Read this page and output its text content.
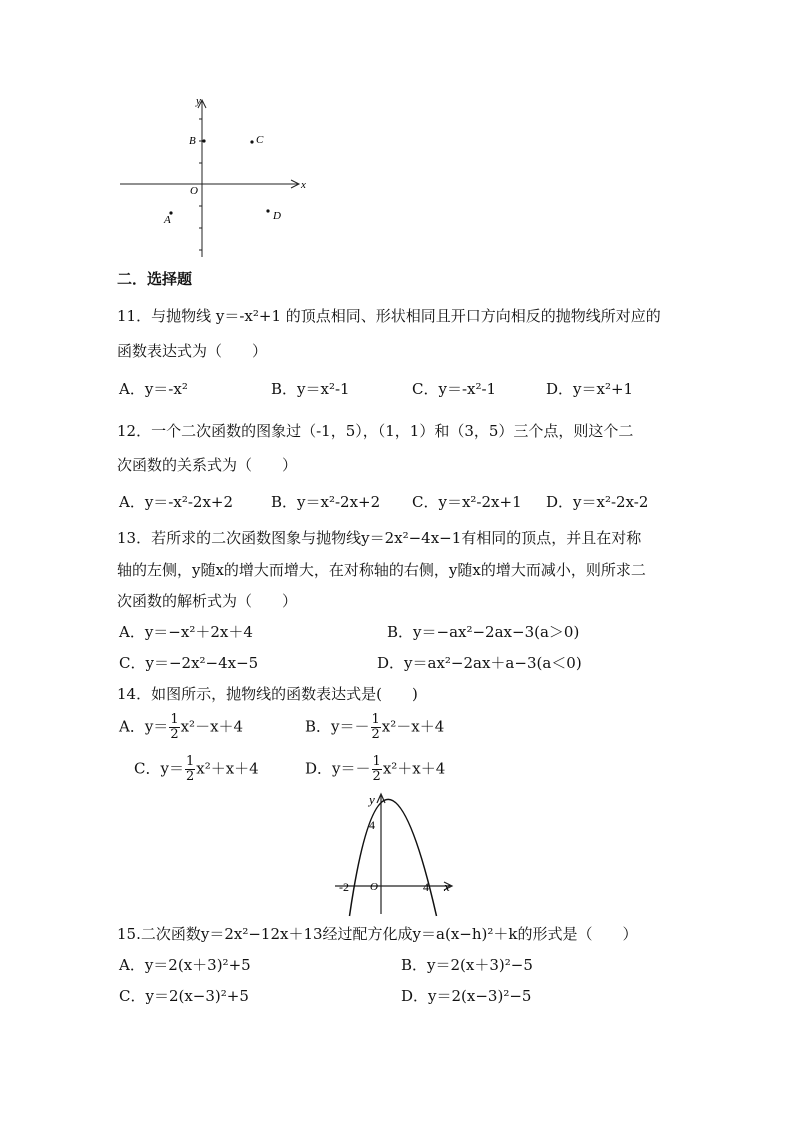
x
y
O
B	C
A	D
二．选择题
11．与抛物线 y＝-x²+1 的顶点相同、形状相同且开口方向相反的抛物线所对应的
函数表达式为（　　）
A．y＝-x²	B．y＝x²-1	C．y＝-x²-1	D．y＝x²+1
12．一个二次函数的图象过（-1，5），（1，1）和（3，5）三个点，则这个二
次函数的关系式为（　　）
A．y＝-x²-2x+2	B．y＝x²-2x+2 C．y＝x²-2x+1 D．y＝x²-2x-2
13．若所求的二次函数图象与抛物线y＝2x²−4x−1有相同的顶点，并且在对称
轴的左侧，y随x的增大而增大，在对称轴的右侧，y随x的增大而减小，则所求二
次函数的解析式为（　　）
A．y＝−x²＋2x＋4	B．y＝−ax²−2ax−3(a＞0)
C．y＝−2x²−4x−5	D．y＝ax²−2ax＋a−3(a＜0)
14．如图所示，抛物线的函数表达式是(　　)
A．$y= \frac{1}{2} x^2-x+4$	B．$y=- \frac{1}{2} x^2-x+4$
C．$y= \frac{1}{2} x^2+x+4$	D．$y=- \frac{1}{2} x^2+x+4$
y
x
O
-2	4
4
15.二次函数y＝2x²−12x＋13经过配方化成y＝a(x−h)²＋k的形式是（　　）
A．y＝2(x＋3)²+5	B．y＝2(x＋3)²−5
C．y＝2(x−3)²+5	D．y＝2(x−3)²−5
